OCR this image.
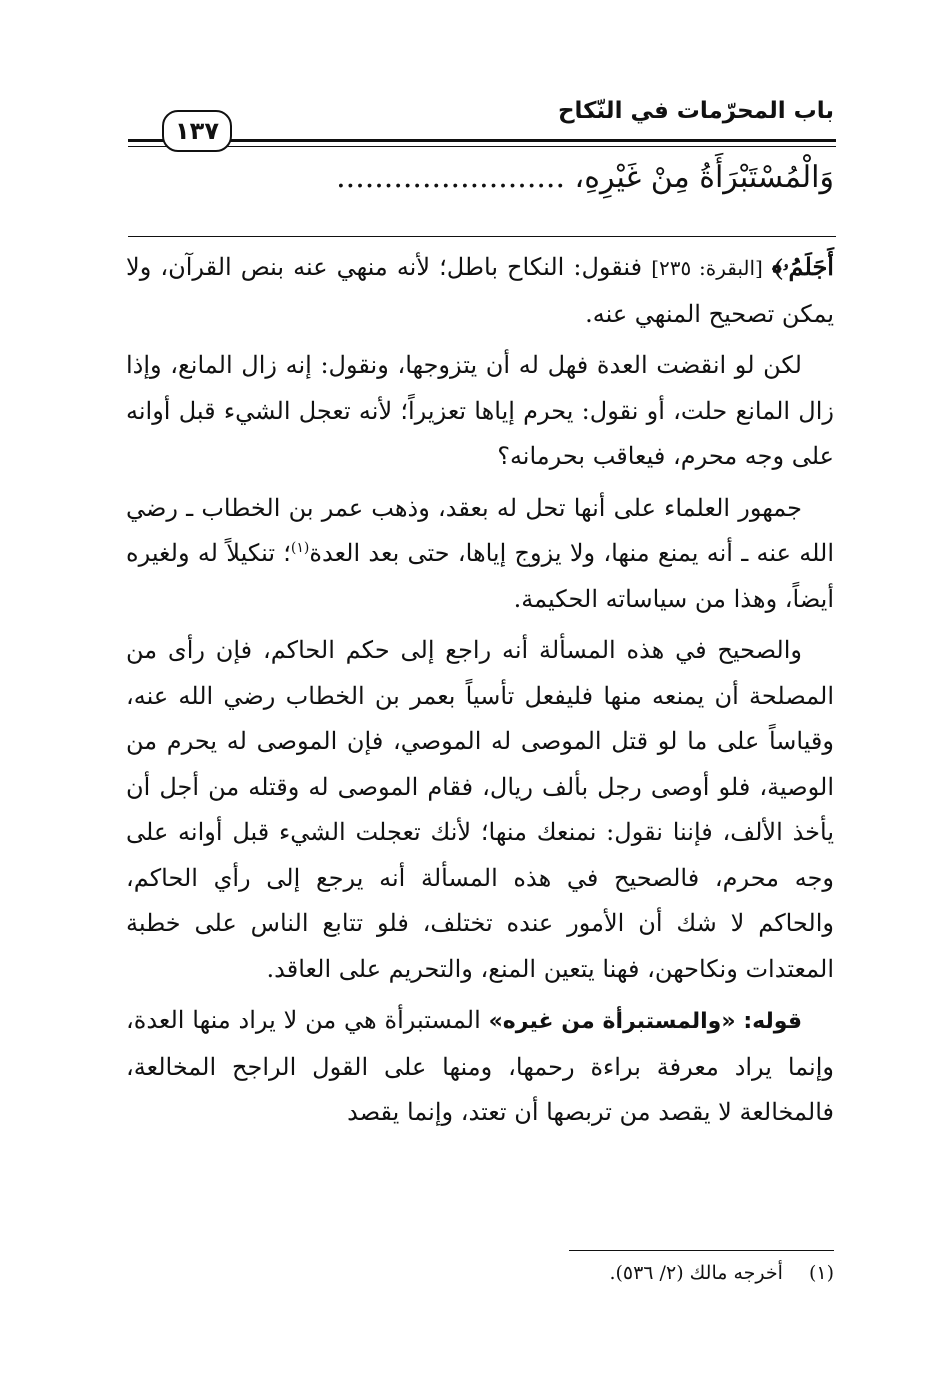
باب المحرّمات في النّكاح
١٣٧
وَالْمُسْتَبْرَأَةُ مِنْ غَيْرِهِ، ........................

أَجَلَمُۥ﴾ [البقرة: ٢٣٥] فنقول: النكاح باطل؛ لأنه منهي عنه بنص القرآن، ولا يمكن تصحيح المنهي عنه.

لكن لو انقضت العدة فهل له أن يتزوجها، ونقول: إنه زال المانع، وإذا زال المانع حلت، أو نقول: يحرم إياها تعزيراً؛ لأنه تعجل الشيء قبل أوانه على وجه محرم، فيعاقب بحرمانه؟

جمهور العلماء على أنها تحل له بعقد، وذهب عمر بن الخطاب ـ رضي الله عنه ـ أنه يمنع منها، ولا يزوج إياها، حتى بعد العدة$^{(١)}$؛ تنكيلاً له ولغيره أيضاً، وهذا من سياساته الحكيمة.

والصحيح في هذه المسألة أنه راجع إلى حكم الحاكم، فإن رأى من المصلحة أن يمنعه منها فليفعل تأسياً بعمر بن الخطاب رضي الله عنه، وقياساً على ما لو قتل الموصى له الموصي، فإن الموصى له يحرم من الوصية، فلو أوصى رجل بألف ريال، فقام الموصى له وقتله من أجل أن يأخذ الألف، فإننا نقول: نمنعك منها؛ لأنك تعجلت الشيء قبل أوانه على وجه محرم، فالصحيح في هذه المسألة أنه يرجع إلى رأي الحاكم، والحاكم لا شك أن الأمور عنده تختلف، فلو تتابع الناس على خطبة المعتدات ونكاحهن، فهنا يتعين المنع، والتحريم على العاقد.

قوله: «والمستبرأة من غيره» المستبرأة هي من لا يراد منها العدة، وإنما يراد معرفة براءة رحمها، ومنها على القول الراجح المخالعة، فالمخالعة لا يقصد من تربصها أن تعتد، وإنما يقصد

(١) أخرجه مالك (٢/ ٥٣٦).
